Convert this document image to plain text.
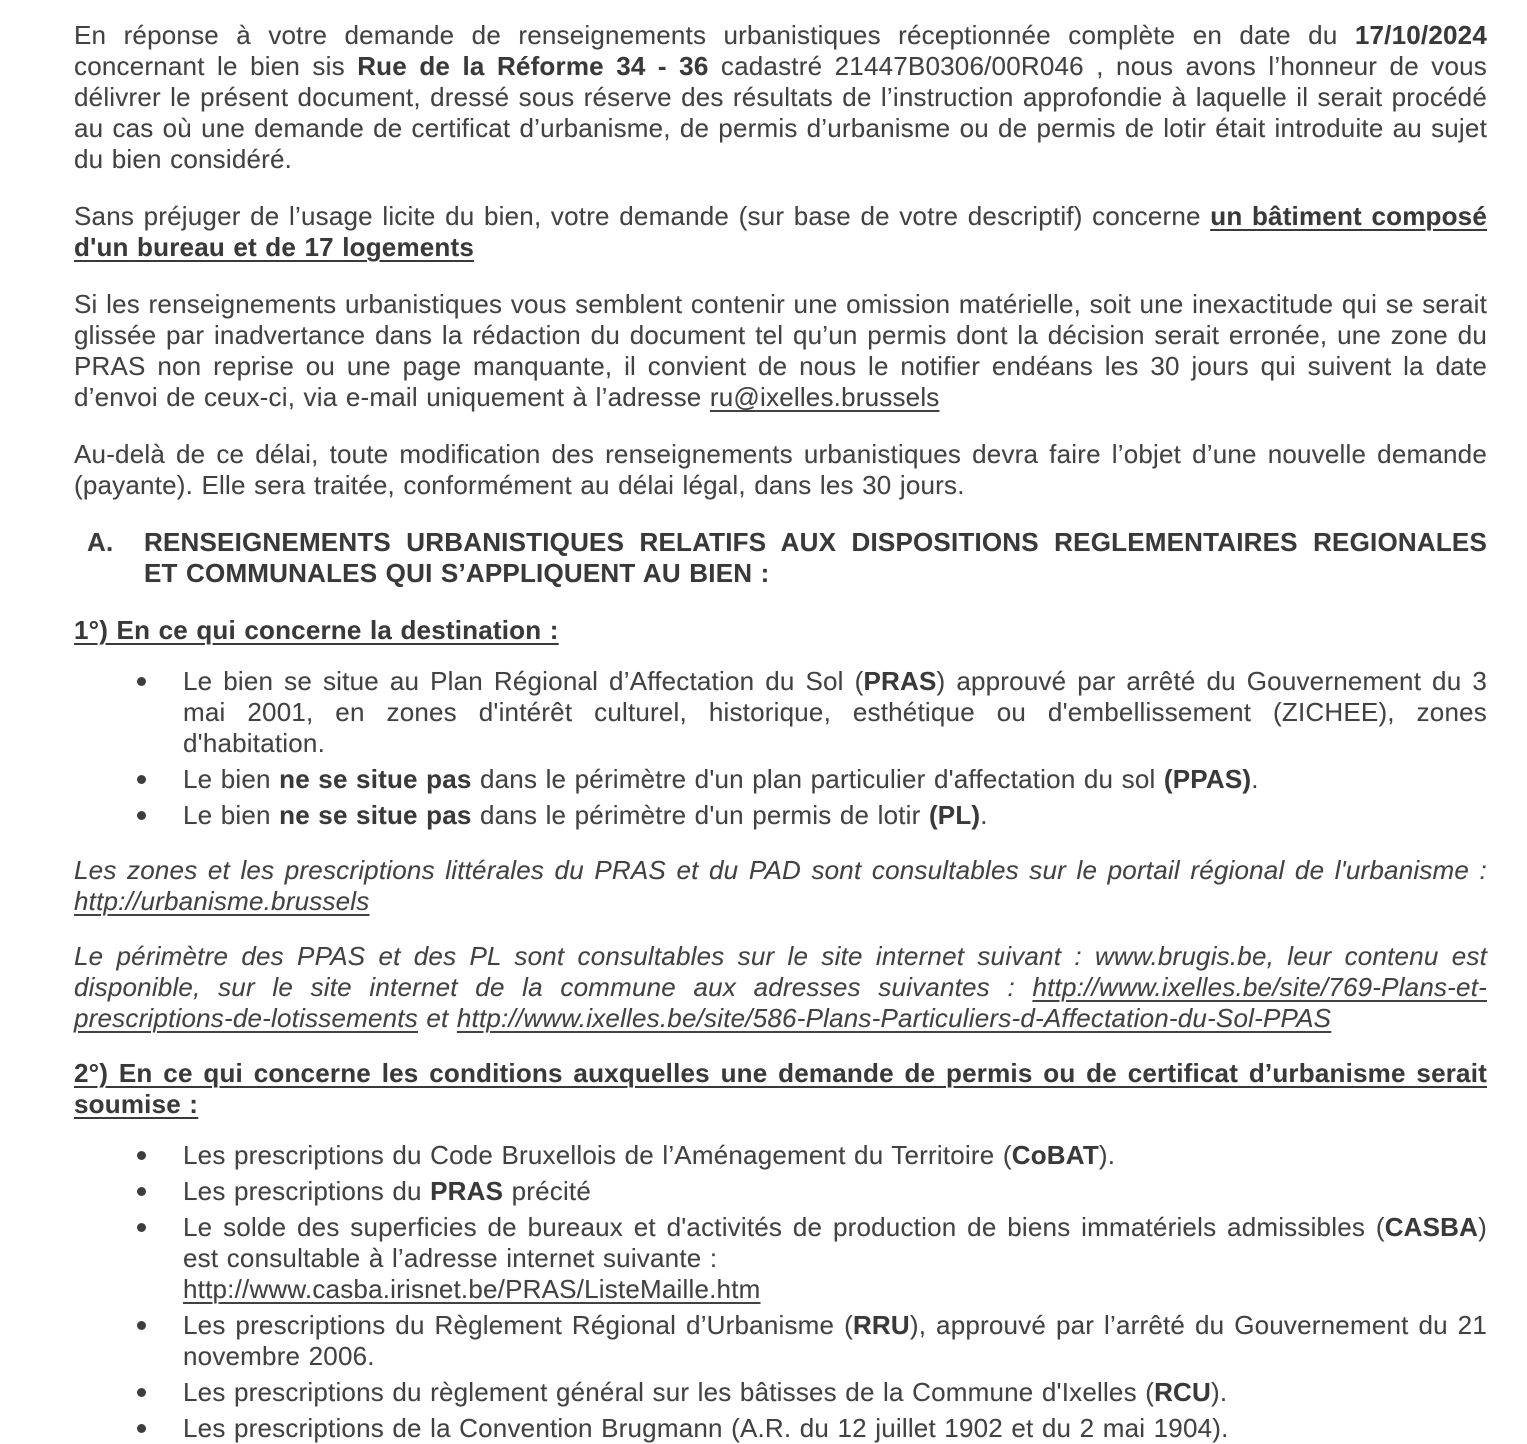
En réponse à votre demande de renseignements urbanistiques réceptionnée complète en date du 17/10/2024 concernant le bien sis Rue de la Réforme 34 - 36 cadastré 21447B0306/00R046 , nous avons l’honneur de vous délivrer le présent document, dressé sous réserve des résultats de l’instruction approfondie à laquelle il serait procédé au cas où une demande de certificat d’urbanisme, de permis d’urbanisme ou de permis de lotir était introduite au sujet du bien considéré.

Sans préjuger de l’usage licite du bien, votre demande (sur base de votre descriptif) concerne un bâtiment composé d'un bureau et de 17 logements

Si les renseignements urbanistiques vous semblent contenir une omission matérielle, soit une inexactitude qui se serait glissée par inadvertance dans la rédaction du document tel qu’un permis dont la décision serait erronée, une zone du PRAS non reprise ou une page manquante, il convient de nous le notifier endéans les 30 jours qui suivent la date d’envoi de ceux-ci, via e-mail uniquement à l’adresse ru@ixelles.brussels

Au-delà de ce délai, toute modification des renseignements urbanistiques devra faire l’objet d’une nouvelle demande (payante). Elle sera traitée, conformément au délai légal, dans les 30 jours.

A.	RENSEIGNEMENTS URBANISTIQUES RELATIFS AUX DISPOSITIONS REGLEMENTAIRES REGIONALES ET COMMUNALES QUI S’APPLIQUENT AU BIEN :

1°) En ce qui concerne la destination :

Le bien se situe au Plan Régional d’Affectation du Sol (PRAS) approuvé par arrêté du Gouvernement du 3 mai 2001, en zones d'intérêt culturel, historique, esthétique ou d'embellissement (ZICHEE), zones d'habitation.
Le bien ne se situe pas dans le périmètre d'un plan particulier d'affectation du sol (PPAS).
Le bien ne se situe pas dans le périmètre d'un permis de lotir (PL).

Les zones et les prescriptions littérales du PRAS et du PAD sont consultables sur le portail régional de l'urbanisme : http://urbanisme.brussels

Le périmètre des PPAS et des PL sont consultables sur le site internet suivant : www.brugis.be, leur contenu est disponible, sur le site internet de la commune aux adresses suivantes : http://www.ixelles.be/site/769-Plans-et-prescriptions-de-lotissements et http://www.ixelles.be/site/586-Plans-Particuliers-d-Affectation-du-Sol-PPAS

2°) En ce qui concerne les conditions auxquelles une demande de permis ou de certificat d’urbanisme serait soumise :

Les prescriptions du Code Bruxellois de l’Aménagement du Territoire (CoBAT).
Les prescriptions du PRAS précité
Le solde des superficies de bureaux et d'activités de production de biens immatériels admissibles (CASBA) est consultable à l’adresse internet suivante :
http://www.casba.irisnet.be/PRAS/ListeMaille.htm
Les prescriptions du Règlement Régional d’Urbanisme (RRU), approuvé par l’arrêté du Gouvernement du 21 novembre 2006.
Les prescriptions du règlement général sur les bâtisses de la Commune d'Ixelles (RCU).
Les prescriptions de la Convention Brugmann (A.R. du 12 juillet 1902 et du 2 mai 1904).
